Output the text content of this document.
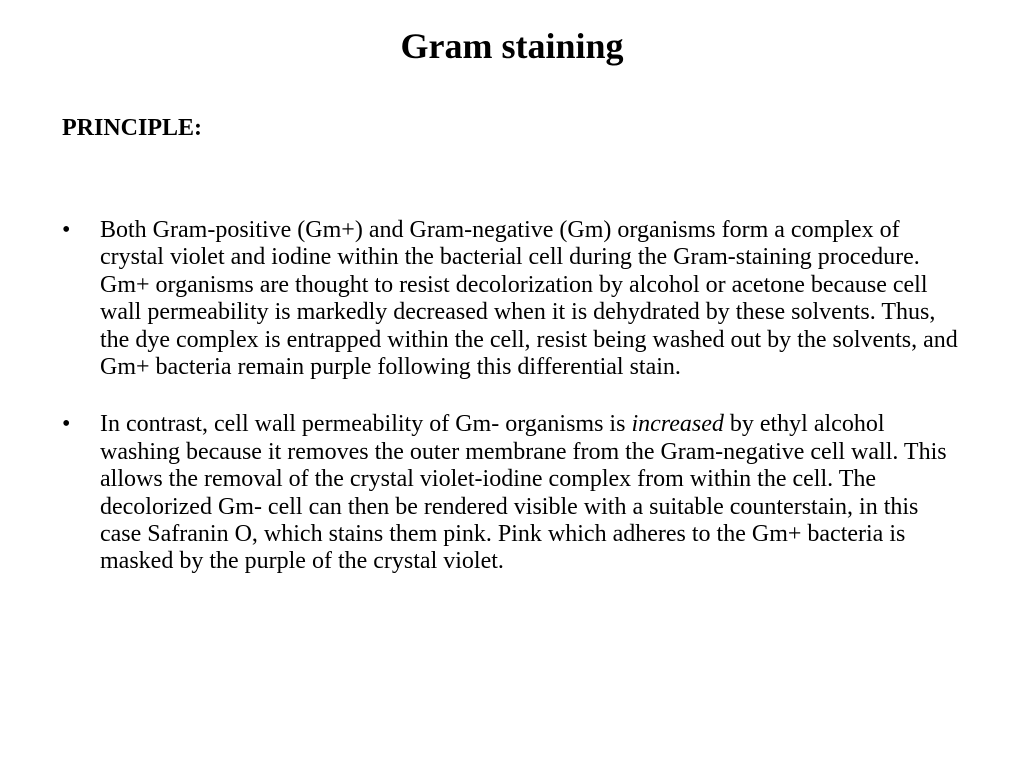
Gram staining
PRINCIPLE:
• Both Gram-positive (Gm+) and Gram-negative (Gm) organisms form a complex of crystal violet and iodine within the bacterial cell during the Gram-staining procedure. Gm+ organisms are thought to resist decolorization by alcohol or acetone because cell wall permeability is markedly decreased when it is dehydrated by these solvents. Thus, the dye complex is entrapped within the cell, resist being washed out by the solvents, and Gm+ bacteria remain purple following this differential stain.
• In contrast, cell wall permeability of Gm- organisms is increased by ethyl alcohol washing because it removes the outer membrane from the Gram-negative cell wall. This allows the removal of the crystal violet-iodine complex from within the cell. The decolorized Gm- cell can then be rendered visible with a suitable counterstain, in this case Safranin O, which stains them pink. Pink which adheres to the Gm+ bacteria is masked by the purple of the crystal violet.
